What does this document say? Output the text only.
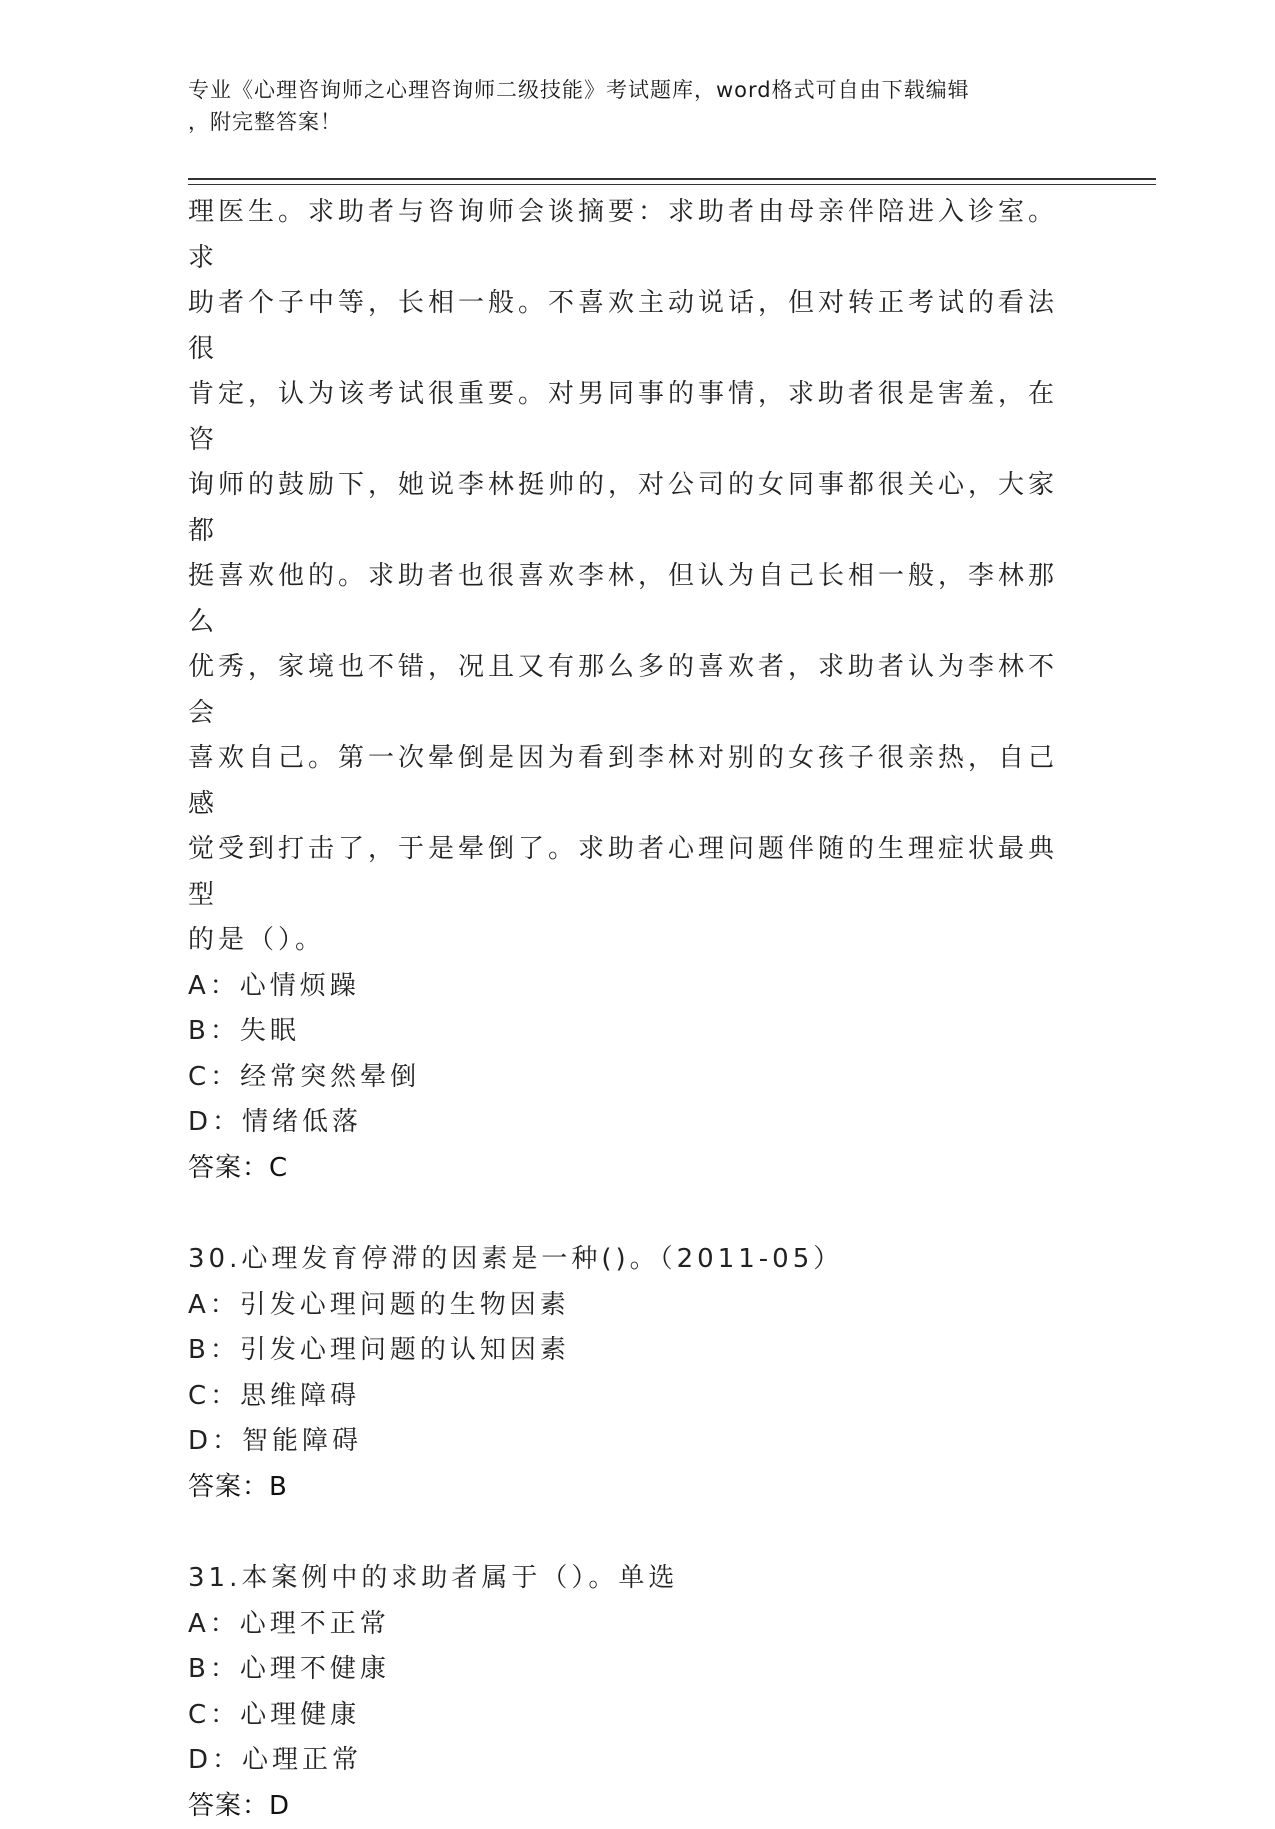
专业《心理咨询师之心理咨询师二级技能》考试题库，word格式可自由下载编辑
，附完整答案！

理医生。求助者与咨询师会谈摘要：求助者由母亲伴陪进入诊室。求

助者个子中等，长相一般。不喜欢主动说话，但对转正考试的看法很

肯定，认为该考试很重要。对男同事的事情，求助者很是害羞，在咨

询师的鼓励下，她说李林挺帅的，对公司的女同事都很关心，大家都

挺喜欢他的。求助者也很喜欢李林，但认为自己长相一般，李林那么

优秀，家境也不错，况且又有那么多的喜欢者，求助者认为李林不会

喜欢自己。第一次晕倒是因为看到李林对别的女孩子很亲热，自己感

觉受到打击了，于是晕倒了。求助者心理问题伴随的生理症状最典型

的是（）。

A：心情烦躁

B：失眠

C：经常突然晕倒

D：情绪低落

答案：C

30.心理发育停滞的因素是一种()。（2011-05）

A：引发心理问题的生物因素

B：引发心理问题的认知因素

C：思维障碍

D：智能障碍

答案：B

31.本案例中的求助者属于（）。单选

A：心理不正常

B：心理不健康

C：心理健康

D：心理正常

答案：D
